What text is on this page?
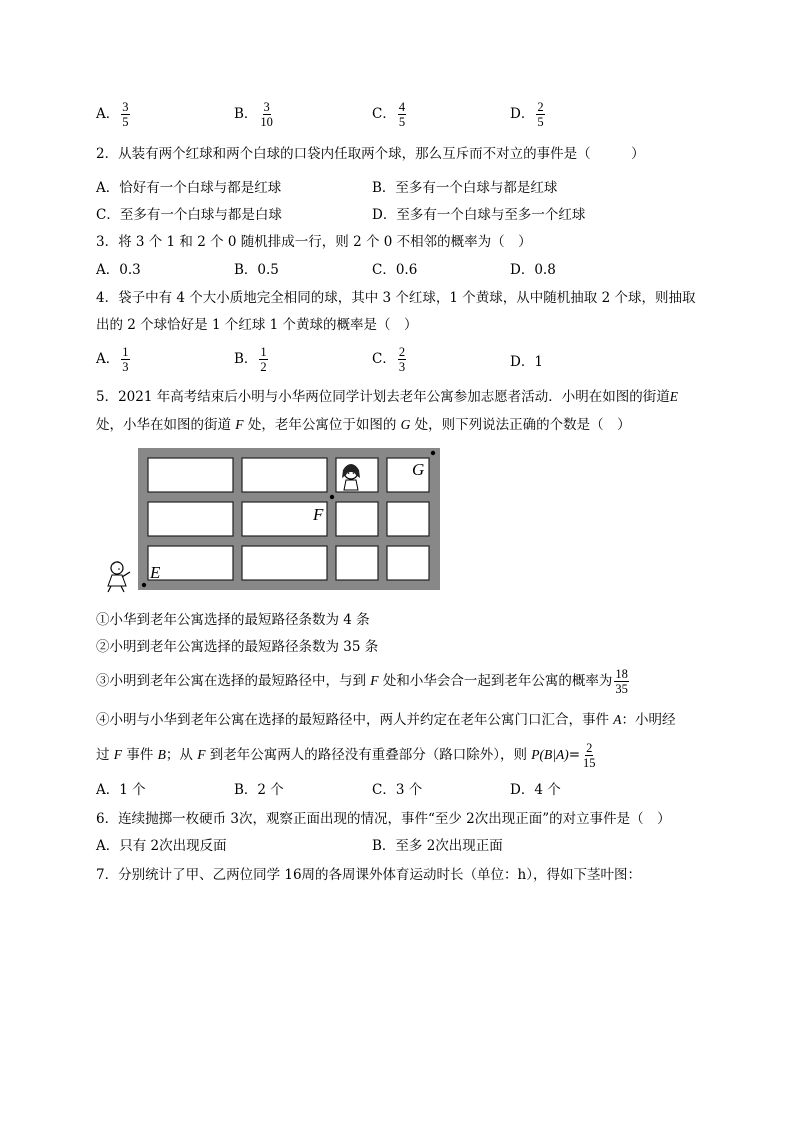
A． $\frac{3}{5}$	B． $\frac{3}{10}$	C． $\frac{4}{5}$	D． $\frac{2}{5}$
2．从装有两个红球和两个白球的口袋内任取两个球，那么互斥而不对立的事件是（　　　）
A．恰好有一个白球与都是红球	B．至多有一个白球与都是红球
C．至多有一个白球与都是白球	D．至多有一个白球与至多一个红球
3．将 3 个 1 和 2 个 0 随机排成一行，则 2 个 0 不相邻的概率为（　）
A．0.3	B．0.5	C．0.6	D．0.8
4．袋子中有 4 个大小质地完全相同的球，其中 3 个红球，1 个黄球，从中随机抽取 2 个球，则抽取
出的 2 个球恰好是 1 个红球 1 个黄球的概率是（　）
A． $\frac{1}{3}$	B． $\frac{1}{2}$	C． $\frac{2}{3}$	D．1
5．2021 年高考结束后小明与小华两位同学计划去老年公寓参加志愿者活动．小明在如图的街道E
处，小华在如图的街道 F 处，老年公寓位于如图的 G 处，则下列说法正确的个数是（　）
E
F
G
①小华到老年公寓选择的最短路径条数为 4 条
②小明到老年公寓选择的最短路径条数为 35 条
③小明到老年公寓在选择的最短路径中，与到 F 处和小华会合一起到老年公寓的概率为 $\frac{18}{35}$
④小明与小华到老年公寓在选择的最短路径中，两人并约定在老年公寓门口汇合，事件 A：小明经
过 F 事件 B；从 F 到老年公寓两人的路径没有重叠部分（路口除外），则 $P(B|A)= \frac{2}{15}$
A．1 个	B．2 个	C．3 个	D．4 个
6．连续抛掷一枚硬币 3次，观察正面出现的情况，事件“至少 2次出现正面”的对立事件是（　）
A．只有 2次出现反面	B．至多 2次出现正面
7．分别统计了甲、乙两位同学 16周的各周课外体育运动时长（单位：h），得如下茎叶图：
